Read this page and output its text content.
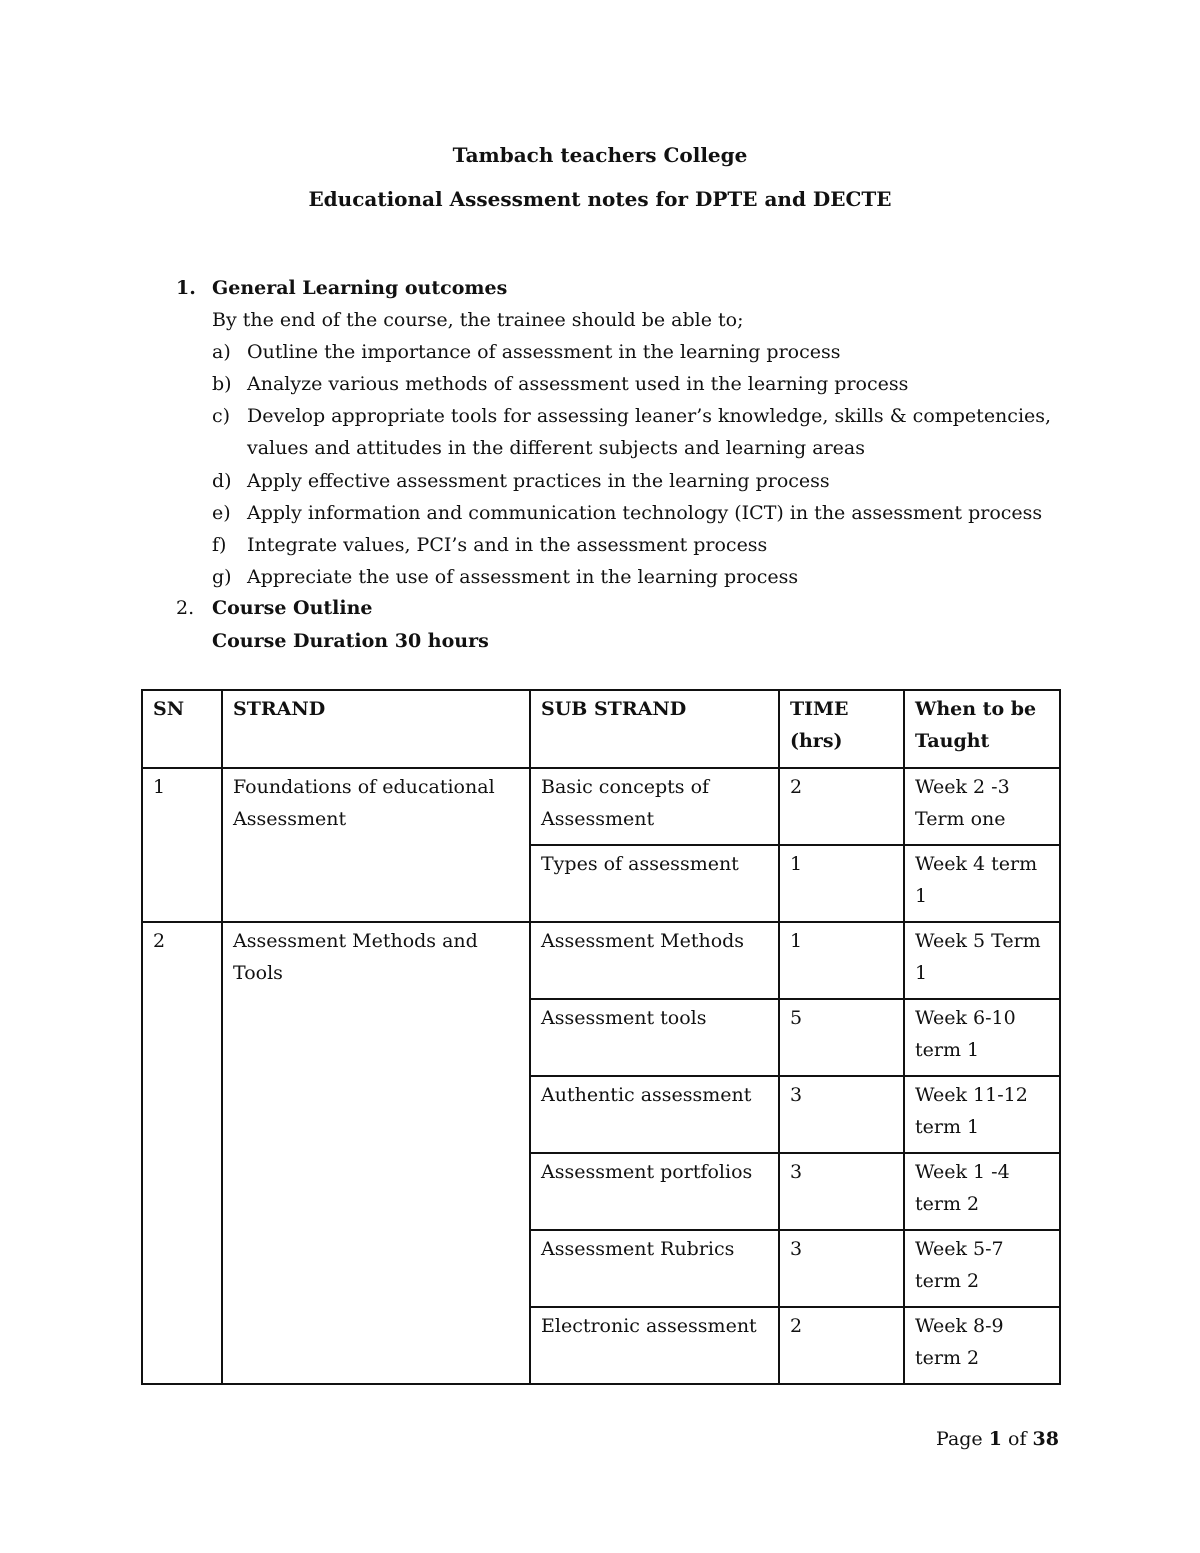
Tambach teachers College
Educational Assessment notes for DPTE and DECTE
1. General Learning outcomes
By the end of the course, the trainee should be able to;
a) Outline the importance of assessment in the learning process
b) Analyze various methods of assessment used in the learning process
c) Develop appropriate tools for assessing leaner’s knowledge, skills & competencies, values and attitudes in the different subjects and learning areas
d) Apply effective assessment practices in the learning process
e) Apply information and communication technology (ICT) in the assessment process
f) Integrate values, PCI’s and in the assessment process
g) Appreciate the use of assessment in the learning process
2. Course Outline
Course Duration 30 hours
SN	STRAND	SUB STRAND	TIME (hrs)	When to be Taught
1	Foundations of educational Assessment	Basic concepts of Assessment	2	Week 2 -3 Term one
		Types of assessment	1	Week 4 term 1
2	Assessment Methods and Tools	Assessment Methods	1	Week 5 Term 1
		Assessment tools	5	Week 6-10 term 1
		Authentic assessment	3	Week 11-12 term 1
		Assessment portfolios	3	Week 1 -4 term 2
		Assessment Rubrics	3	Week 5-7 term 2
		Electronic assessment	2	Week 8-9 term 2
Page 1 of 38
